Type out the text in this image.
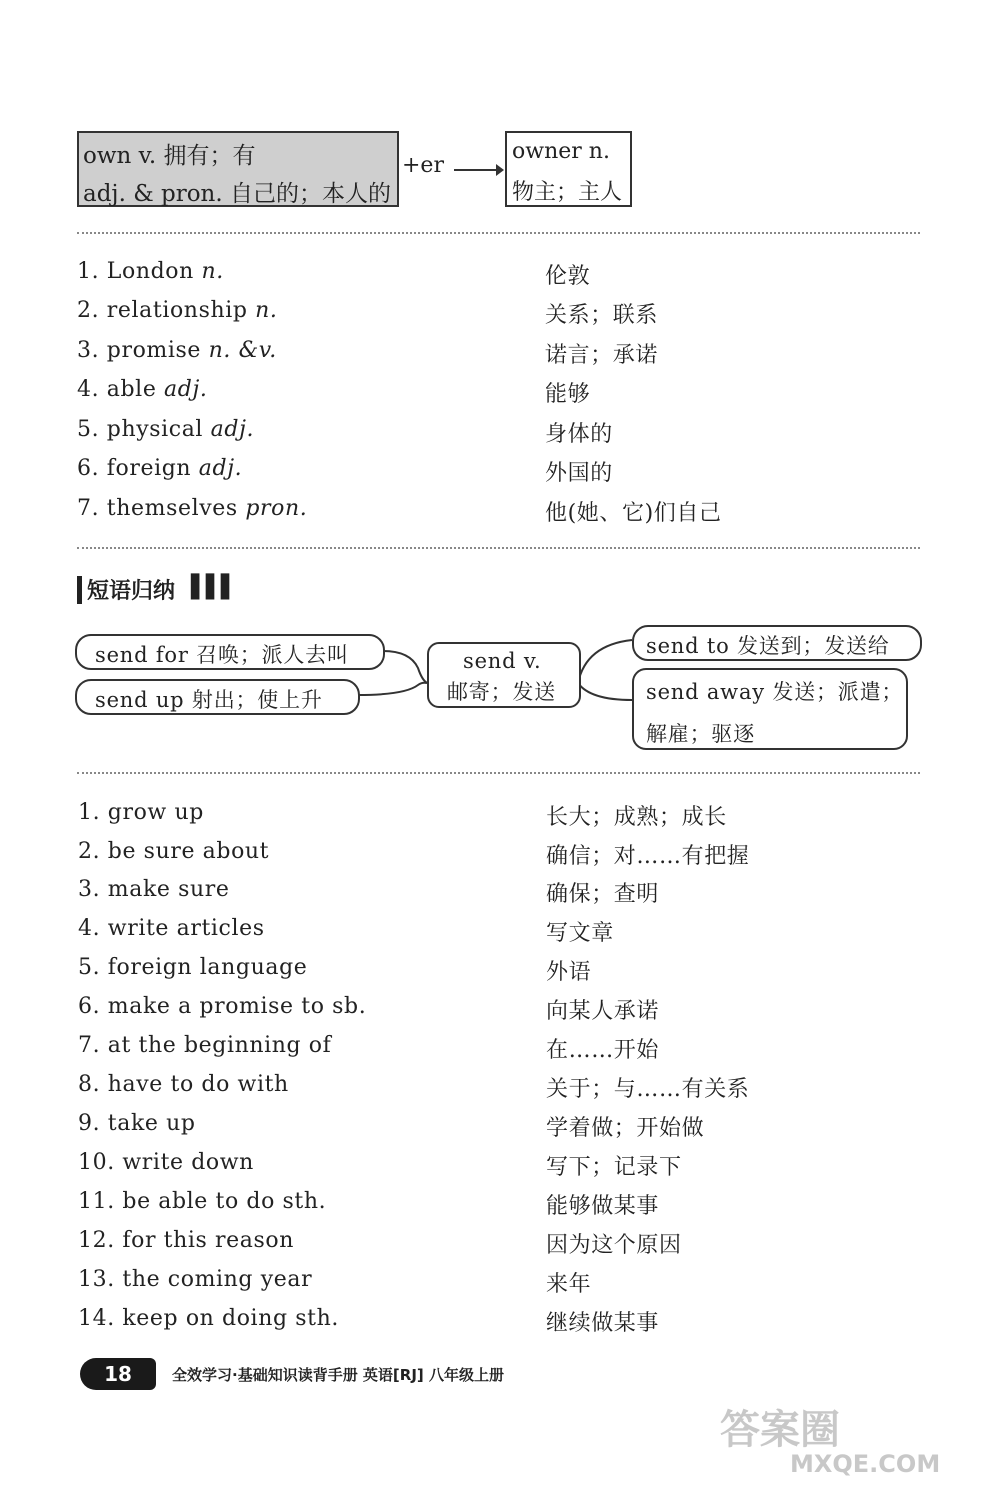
own v. 拥有；有
adj. & pron. 自己的；本人的
+er
owner n.
物主；主人
1. London n.	伦敦
2. relationship n.	关系；联系
3. promise n. &v.	诺言；承诺
4. able adj.	能够
5. physical adj.	身体的
6. foreign adj.	外国的
7. themselves pron.	他(她、它)们自己
短语归纳 ▌▌▌
send for 召唤；派人去叫
send up 射出；使上升
send v.
邮寄；发送
send to 发送到；发送给
send away 发送；派遣；
解雇；驱逐
1. grow up	长大；成熟；成长
2. be sure about	确信；对……有把握
3. make sure	确保；查明
4. write articles	写文章
5. foreign language	外语
6. make a promise to sb.	向某人承诺
7. at the beginning of	在……开始
8. have to do with	关于；与……有关系
9. take up	学着做；开始做
10. write down	写下；记录下
11. be able to do sth.	能够做某事
12. for this reason	因为这个原因
13. the coming year	来年
14. keep on doing sth.	继续做某事
18	全效学习·基础知识读背手册 英语[RJ] 八年级上册
答案圈
MXQE.COM
